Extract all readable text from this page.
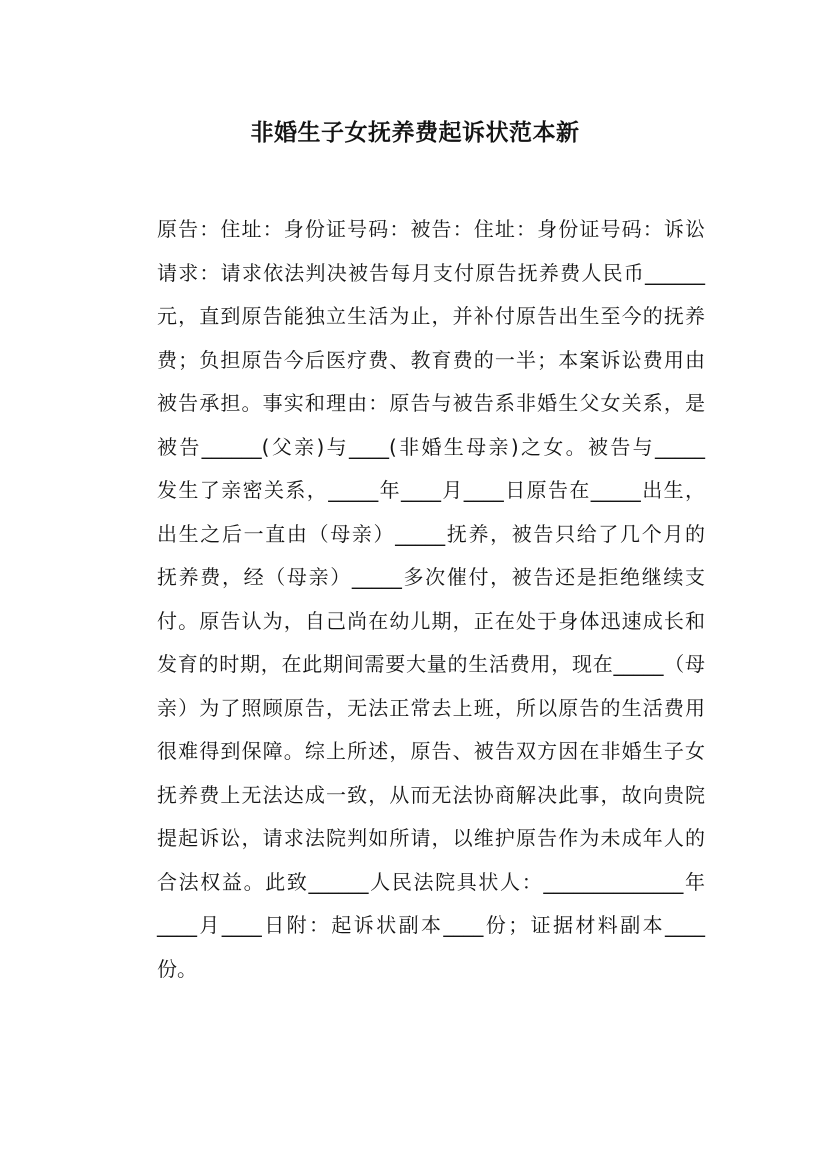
非婚生子女抚养费起诉状范本新
原告：住址：身份证号码：被告：住址：身份证号码：诉讼
请求：请求依法判决被告每月支付原告抚养费人民币______
元，直到原告能独立生活为止，并补付原告出生至今的抚养
费；负担原告今后医疗费、教育费的一半；本案诉讼费用由
被告承担。事实和理由：原告与被告系非婚生父女关系，是
被告______(父亲)与____(非婚生母亲)之女。被告与_____
发生了亲密关系，_____年____月____日原告在_____出生，
出生之后一直由（母亲）_____抚养，被告只给了几个月的
抚养费，经（母亲）_____多次催付，被告还是拒绝继续支
付。原告认为，自己尚在幼儿期，正在处于身体迅速成长和
发育的时期，在此期间需要大量的生活费用，现在_____（母
亲）为了照顾原告，无法正常去上班，所以原告的生活费用
很难得到保障。综上所述，原告、被告双方因在非婚生子女
抚养费上无法达成一致，从而无法协商解决此事，故向贵院
提起诉讼，请求法院判如所请，以维护原告作为未成年人的
合法权益。此致______人民法院具状人：______________年
____月____日附：起诉状副本____份；证据材料副本____
份。
